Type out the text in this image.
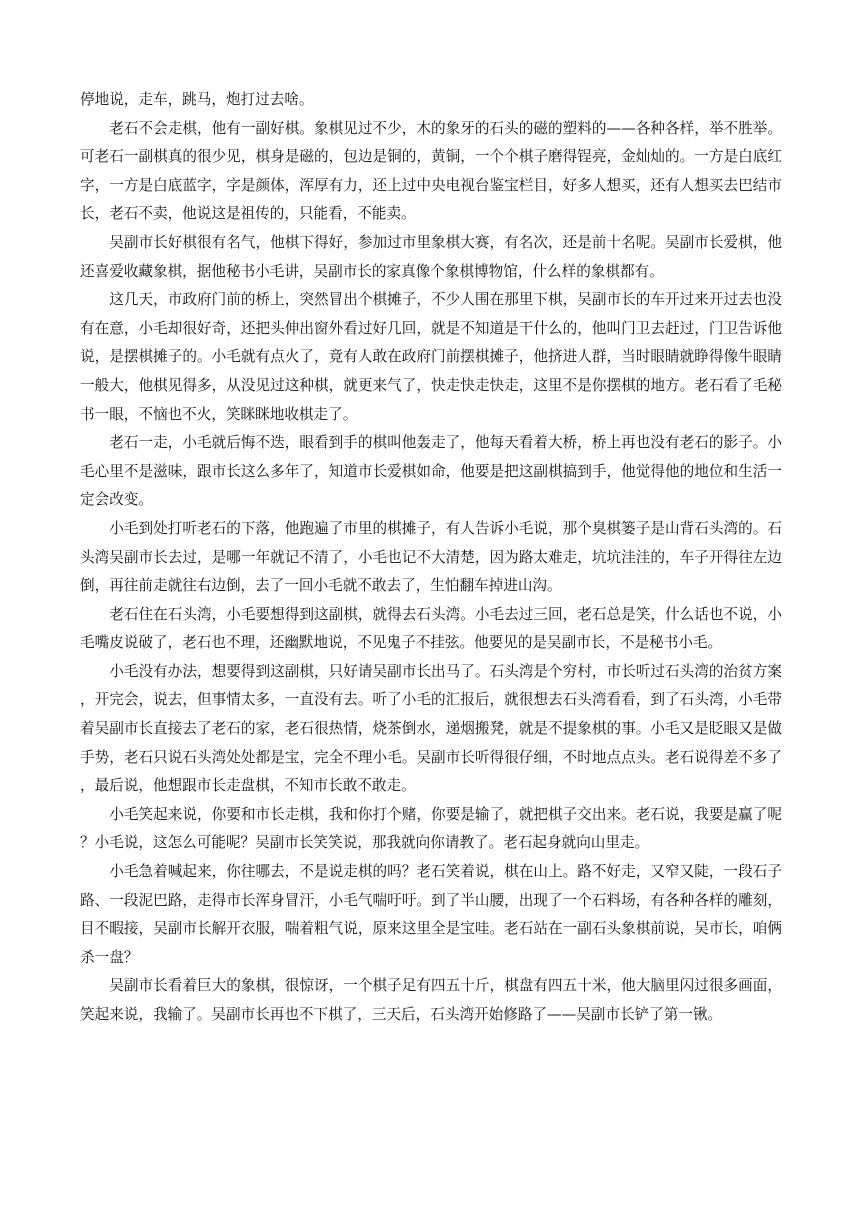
停地说，走车，跳马，炮打过去啥。

老石不会走棋，他有一副好棋。象棋见过不少，木的象牙的石头的磁的塑料的——各种各样，举不胜举。可老石一副棋真的很少见，棋身是磁的，包边是铜的，黄铜，一个个棋子磨得锃亮，金灿灿的。一方是白底红字，一方是白底蓝字，字是颜体，浑厚有力，还上过中央电视台鉴宝栏目，好多人想买，还有人想买去巴结市长，老石不卖，他说这是祖传的，只能看，不能卖。

吴副市长好棋很有名气，他棋下得好，参加过市里象棋大赛，有名次，还是前十名呢。吴副市长爱棋，他还喜爱收藏象棋，据他秘书小毛讲，吴副市长的家真像个象棋博物馆，什么样的象棋都有。

这几天，市政府门前的桥上，突然冒出个棋摊子，不少人围在那里下棋，吴副市长的车开过来开过去也没有在意，小毛却很好奇，还把头伸出窗外看过好几回，就是不知道是干什么的，他叫门卫去赶过，门卫告诉他说，是摆棋摊子的。小毛就有点火了，竟有人敢在政府门前摆棋摊子，他挤进人群，当时眼睛就睁得像牛眼睛一般大，他棋见得多，从没见过这种棋，就更来气了，快走快走快走，这里不是你摆棋的地方。老石看了毛秘书一眼，不恼也不火，笑眯眯地收棋走了。

老石一走，小毛就后悔不迭，眼看到手的棋叫他轰走了，他每天看着大桥，桥上再也没有老石的影子。小毛心里不是滋味，跟市长这么多年了，知道市长爱棋如命，他要是把这副棋搞到手，他觉得他的地位和生活一定会改变。

小毛到处打听老石的下落，他跑遍了市里的棋摊子，有人告诉小毛说，那个臭棋篓子是山背石头湾的。石头湾吴副市长去过，是哪一年就记不清了，小毛也记不大清楚，因为路太难走，坑坑洼洼的，车子开得往左边倒，再往前走就往右边倒，去了一回小毛就不敢去了，生怕翻车掉进山沟。

老石住在石头湾，小毛要想得到这副棋，就得去石头湾。小毛去过三回，老石总是笑，什么话也不说，小毛嘴皮说破了，老石也不理，还幽默地说，不见鬼子不挂弦。他要见的是吴副市长，不是秘书小毛。

小毛没有办法，想要得到这副棋，只好请吴副市长出马了。石头湾是个穷村，市长听过石头湾的治贫方案，开完会，说去，但事情太多，一直没有去。听了小毛的汇报后，就很想去石头湾看看，到了石头湾，小毛带着吴副市长直接去了老石的家，老石很热情，烧茶倒水，递烟搬凳，就是不提象棋的事。小毛又是眨眼又是做手势，老石只说石头湾处处都是宝，完全不理小毛。吴副市长听得很仔细，不时地点点头。老石说得差不多了，最后说，他想跟市长走盘棋，不知市长敢不敢走。

小毛笑起来说，你要和市长走棋，我和你打个赌，你要是输了，就把棋子交出来。老石说，我要是赢了呢？小毛说，这怎么可能呢？吴副市长笑笑说，那我就向你请教了。老石起身就向山里走。

小毛急着喊起来，你往哪去，不是说走棋的吗？老石笑着说，棋在山上。路不好走，又窄又陡，一段石子路、一段泥巴路，走得市长浑身冒汗，小毛气喘吁吁。到了半山腰，出现了一个石料场，有各种各样的雕刻，目不暇接，吴副市长解开衣服，喘着粗气说，原来这里全是宝哇。老石站在一副石头象棋前说，吴市长，咱俩杀一盘？

吴副市长看着巨大的象棋，很惊讶，一个棋子足有四五十斤，棋盘有四五十米，他大脑里闪过很多画面，笑起来说，我输了。吴副市长再也不下棋了，三天后，石头湾开始修路了——吴副市长铲了第一锹。
